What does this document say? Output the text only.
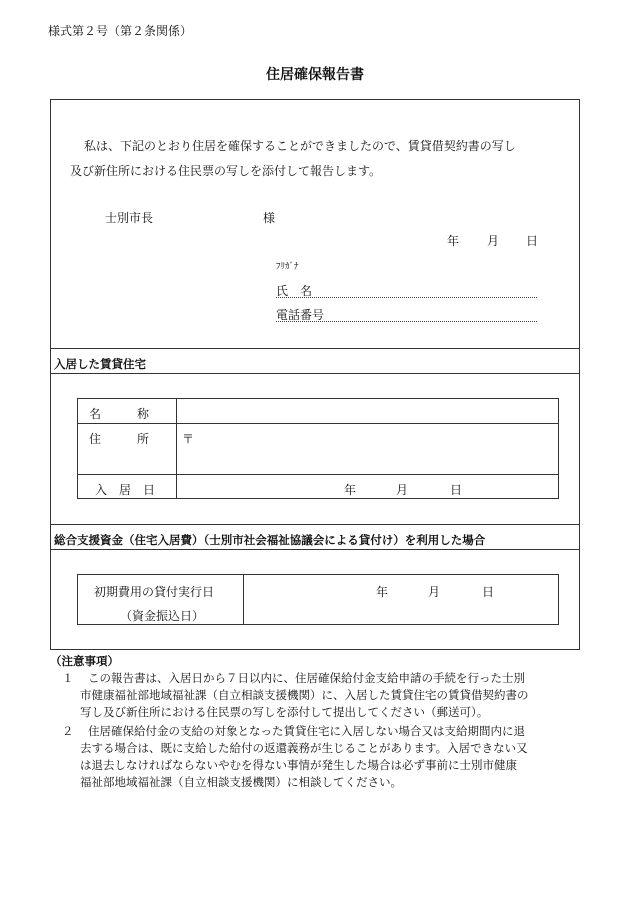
様式第２号（第２条関係）
住居確保報告書
私は、下記のとおり住居を確保することができましたので、賃貸借契約書の写し
及び新住所における住民票の写しを添付して報告します。
士別市長	様
年 月 日
ﾌﾘｶﾞﾅ
氏　名
電話番号
入居した賃貸住宅
名　　　称
住　　　所	〒
入　居　日	年	月	日
総合支援資金（住宅入居費）（士別市社会福祉協議会による貸付け）を利用した場合
初期費用の貸付実行日
（資金振込日）
年	月	日
（注意事項）
１ この報告書は、入居日から７日以内に、住居確保給付金支給申請の手続を行った士別
市健康福祉部地域福祉課（自立相談支援機関）に、入居した賃貸住宅の賃貸借契約書の
写し及び新住所における住民票の写しを添付して提出してください（郵送可）。
２ 住居確保給付金の支給の対象となった賃貸住宅に入居しない場合又は支給期間内に退
去する場合は、既に支給した給付の返還義務が生じることがあります。入居できない又
は退去しなければならないやむを得ない事情が発生した場合は必ず事前に士別市健康
福祉部地域福祉課（自立相談支援機関）に相談してください。
